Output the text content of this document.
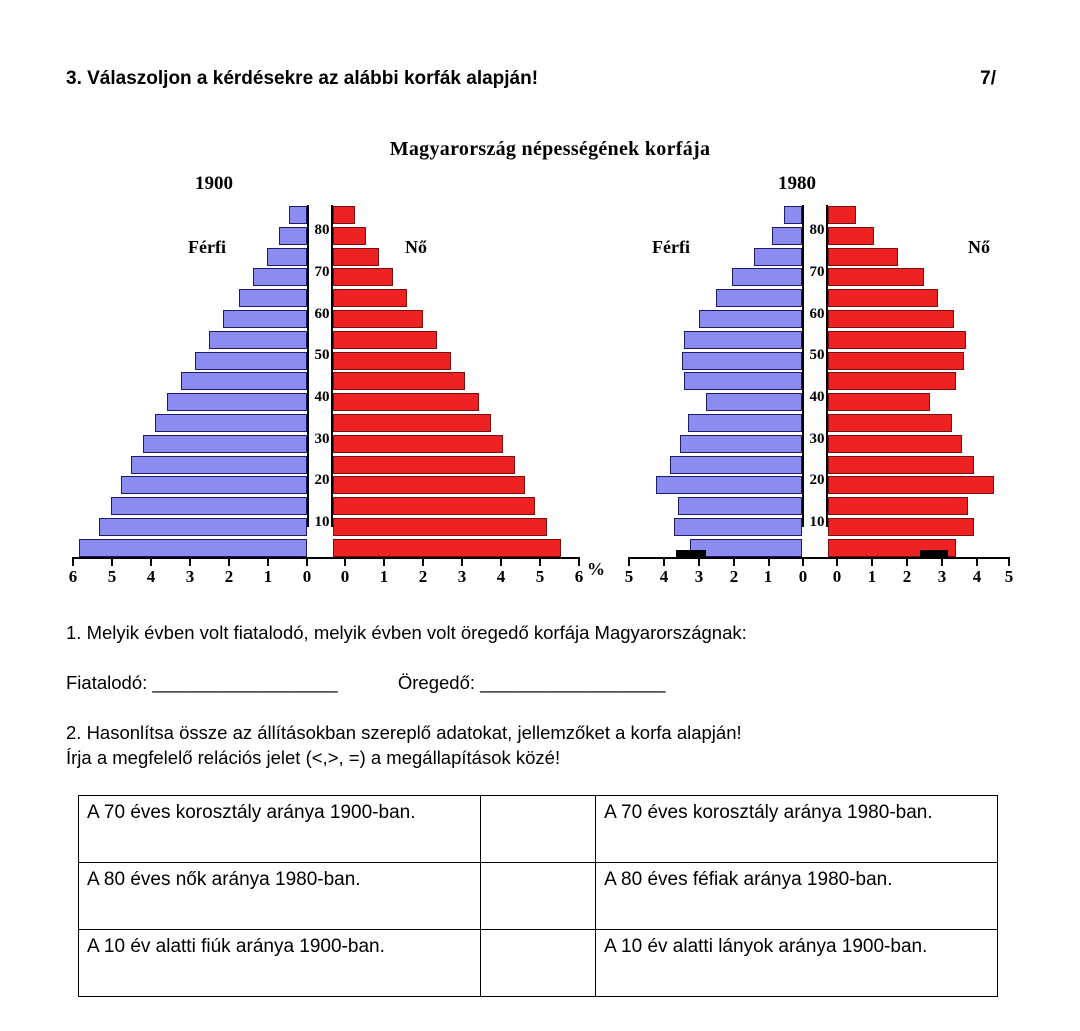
3. Válaszoljon a kérdésekre az alábbi korfák alapján!	7/
Magyarország népességének korfája
1900
Férfi	Nő
80
70
60
50
40
30
20
10
6 5 4 3 2 1 0 0 1 2 3 4 5 6 %
1980
Férfi	Nő
80
70
60
50
40
30
20
10
5 4 3 2 1 0 0 1 2 3 4 5
1. Melyik évben volt fiatalodó, melyik évben volt öregedő korfája Magyarországnak:
Fiatalodó: __________________	Öregedő: __________________
2. Hasonlítsa össze az állításokban szereplő adatokat, jellemzőket a korfa alapján!
Írja a megfelelő relációs jelet (<,>, =) a megállapítások közé!
A 70 éves korosztály aránya 1900-ban.		A 70 éves korosztály aránya 1980-ban.
A 80 éves nők aránya 1980-ban.		A 80 éves féfiak aránya 1980-ban.
A 10 év alatti fiúk aránya 1900-ban.		A 10 év alatti lányok aránya 1900-ban.
